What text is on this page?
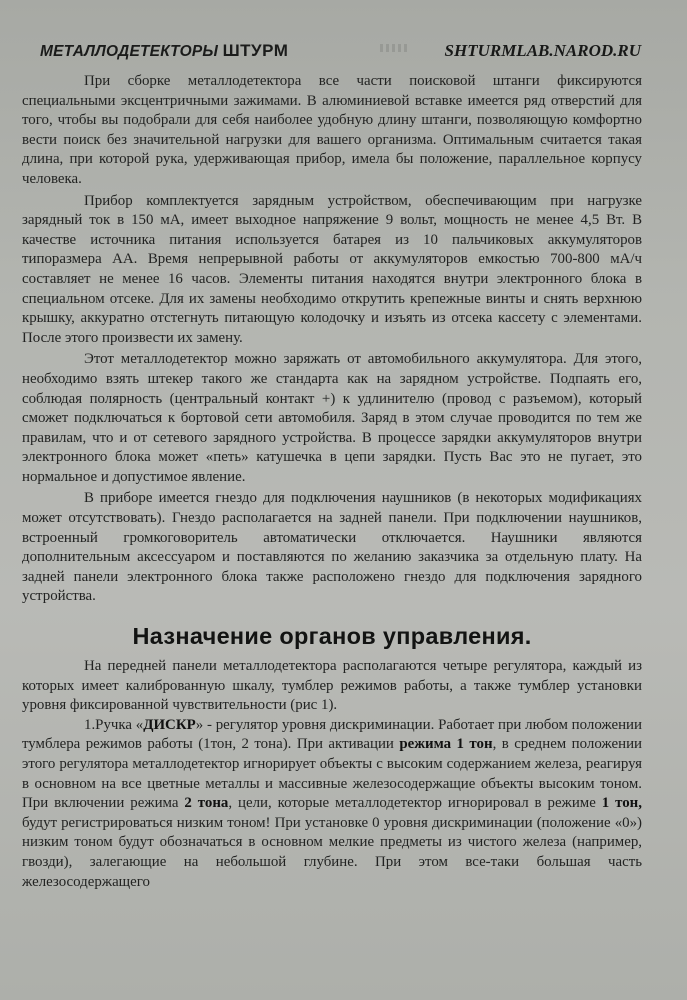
МЕТАЛЛОДЕТЕКТОРЫ ШТУРМ	SHTURMLAB.NAROD.RU

При сборке металлодетектора все части поисковой штанги фиксируются специальными эксцентричными зажимами. В алюминиевой вставке имеется ряд отверстий для того, чтобы вы подобрали для себя наиболее удобную длину штанги, позволяющую комфортно вести поиск без значительной нагрузки для вашего организма. Оптимальным считается такая длина, при которой рука, удерживающая прибор, имела бы положение, параллельное корпусу человека.

Прибор комплектуется зарядным устройством, обеспечивающим при нагрузке зарядный ток в 150 мА, имеет выходное напряжение 9 вольт, мощность не менее 4,5 Вт. В качестве источника питания используется батарея из 10 пальчиковых аккумуляторов типоразмера АА. Время непрерывной работы от аккумуляторов емкостью 700-800 мА/ч составляет не менее 16 часов. Элементы питания находятся внутри электронного блока в специальном отсеке. Для их замены необходимо открутить крепежные винты и снять верхнюю крышку, аккуратно отстегнуть питающую колодочку и изъять из отсека кассету с элементами. После этого произвести их замену.

Этот металлодетектор можно заряжать от автомобильного аккумулятора. Для этого, необходимо взять штекер такого же стандарта как на зарядном устройстве. Подпаять его, соблюдая полярность (центральный контакт +) к удлинителю (провод с разъемом), который сможет подключаться к бортовой сети автомобиля. Заряд в этом случае проводится по тем же правилам, что и от сетевого зарядного устройства. В процессе зарядки аккумуляторов внутри электронного блока может «петь» катушечка в цепи зарядки. Пусть Вас это не пугает, это нормальное и допустимое явление.

В приборе имеется гнездо для подключения наушников (в некоторых модификациях может отсутствовать). Гнездо располагается на задней панели. При подключении наушников, встроенный громкоговоритель автоматически отключается. Наушники являются дополнительным аксессуаром и поставляются по желанию заказчика за отдельную плату. На задней панели электронного блока также расположено гнездо для подключения зарядного устройства.

Назначение органов управления.

На передней панели металлодетектора располагаются четыре регулятора, каждый из которых имеет калиброванную шкалу, тумблер режимов работы, а также тумблер установки уровня фиксированной чувствительности (рис 1).

1.Ручка «ДИСКР» - регулятор уровня дискриминации. Работает при любом положении тумблера режимов работы (1тон, 2 тона). При активации режима 1 тон, в среднем положении этого регулятора металлодетектор игнорирует объекты с высоким содержанием железа, реагируя в основном на все цветные металлы и массивные железосодержащие объекты высоким тоном. При включении режима 2 тона, цели, которые металлодетектор игнорировал в режиме 1 тон, будут регистрироваться низким тоном! При установке 0 уровня дискриминации (положение «0») низким тоном будут обозначаться в основном мелкие предметы из чистого железа (например, гвозди), залегающие на небольшой глубине. При этом все-таки большая часть железосодержащего
